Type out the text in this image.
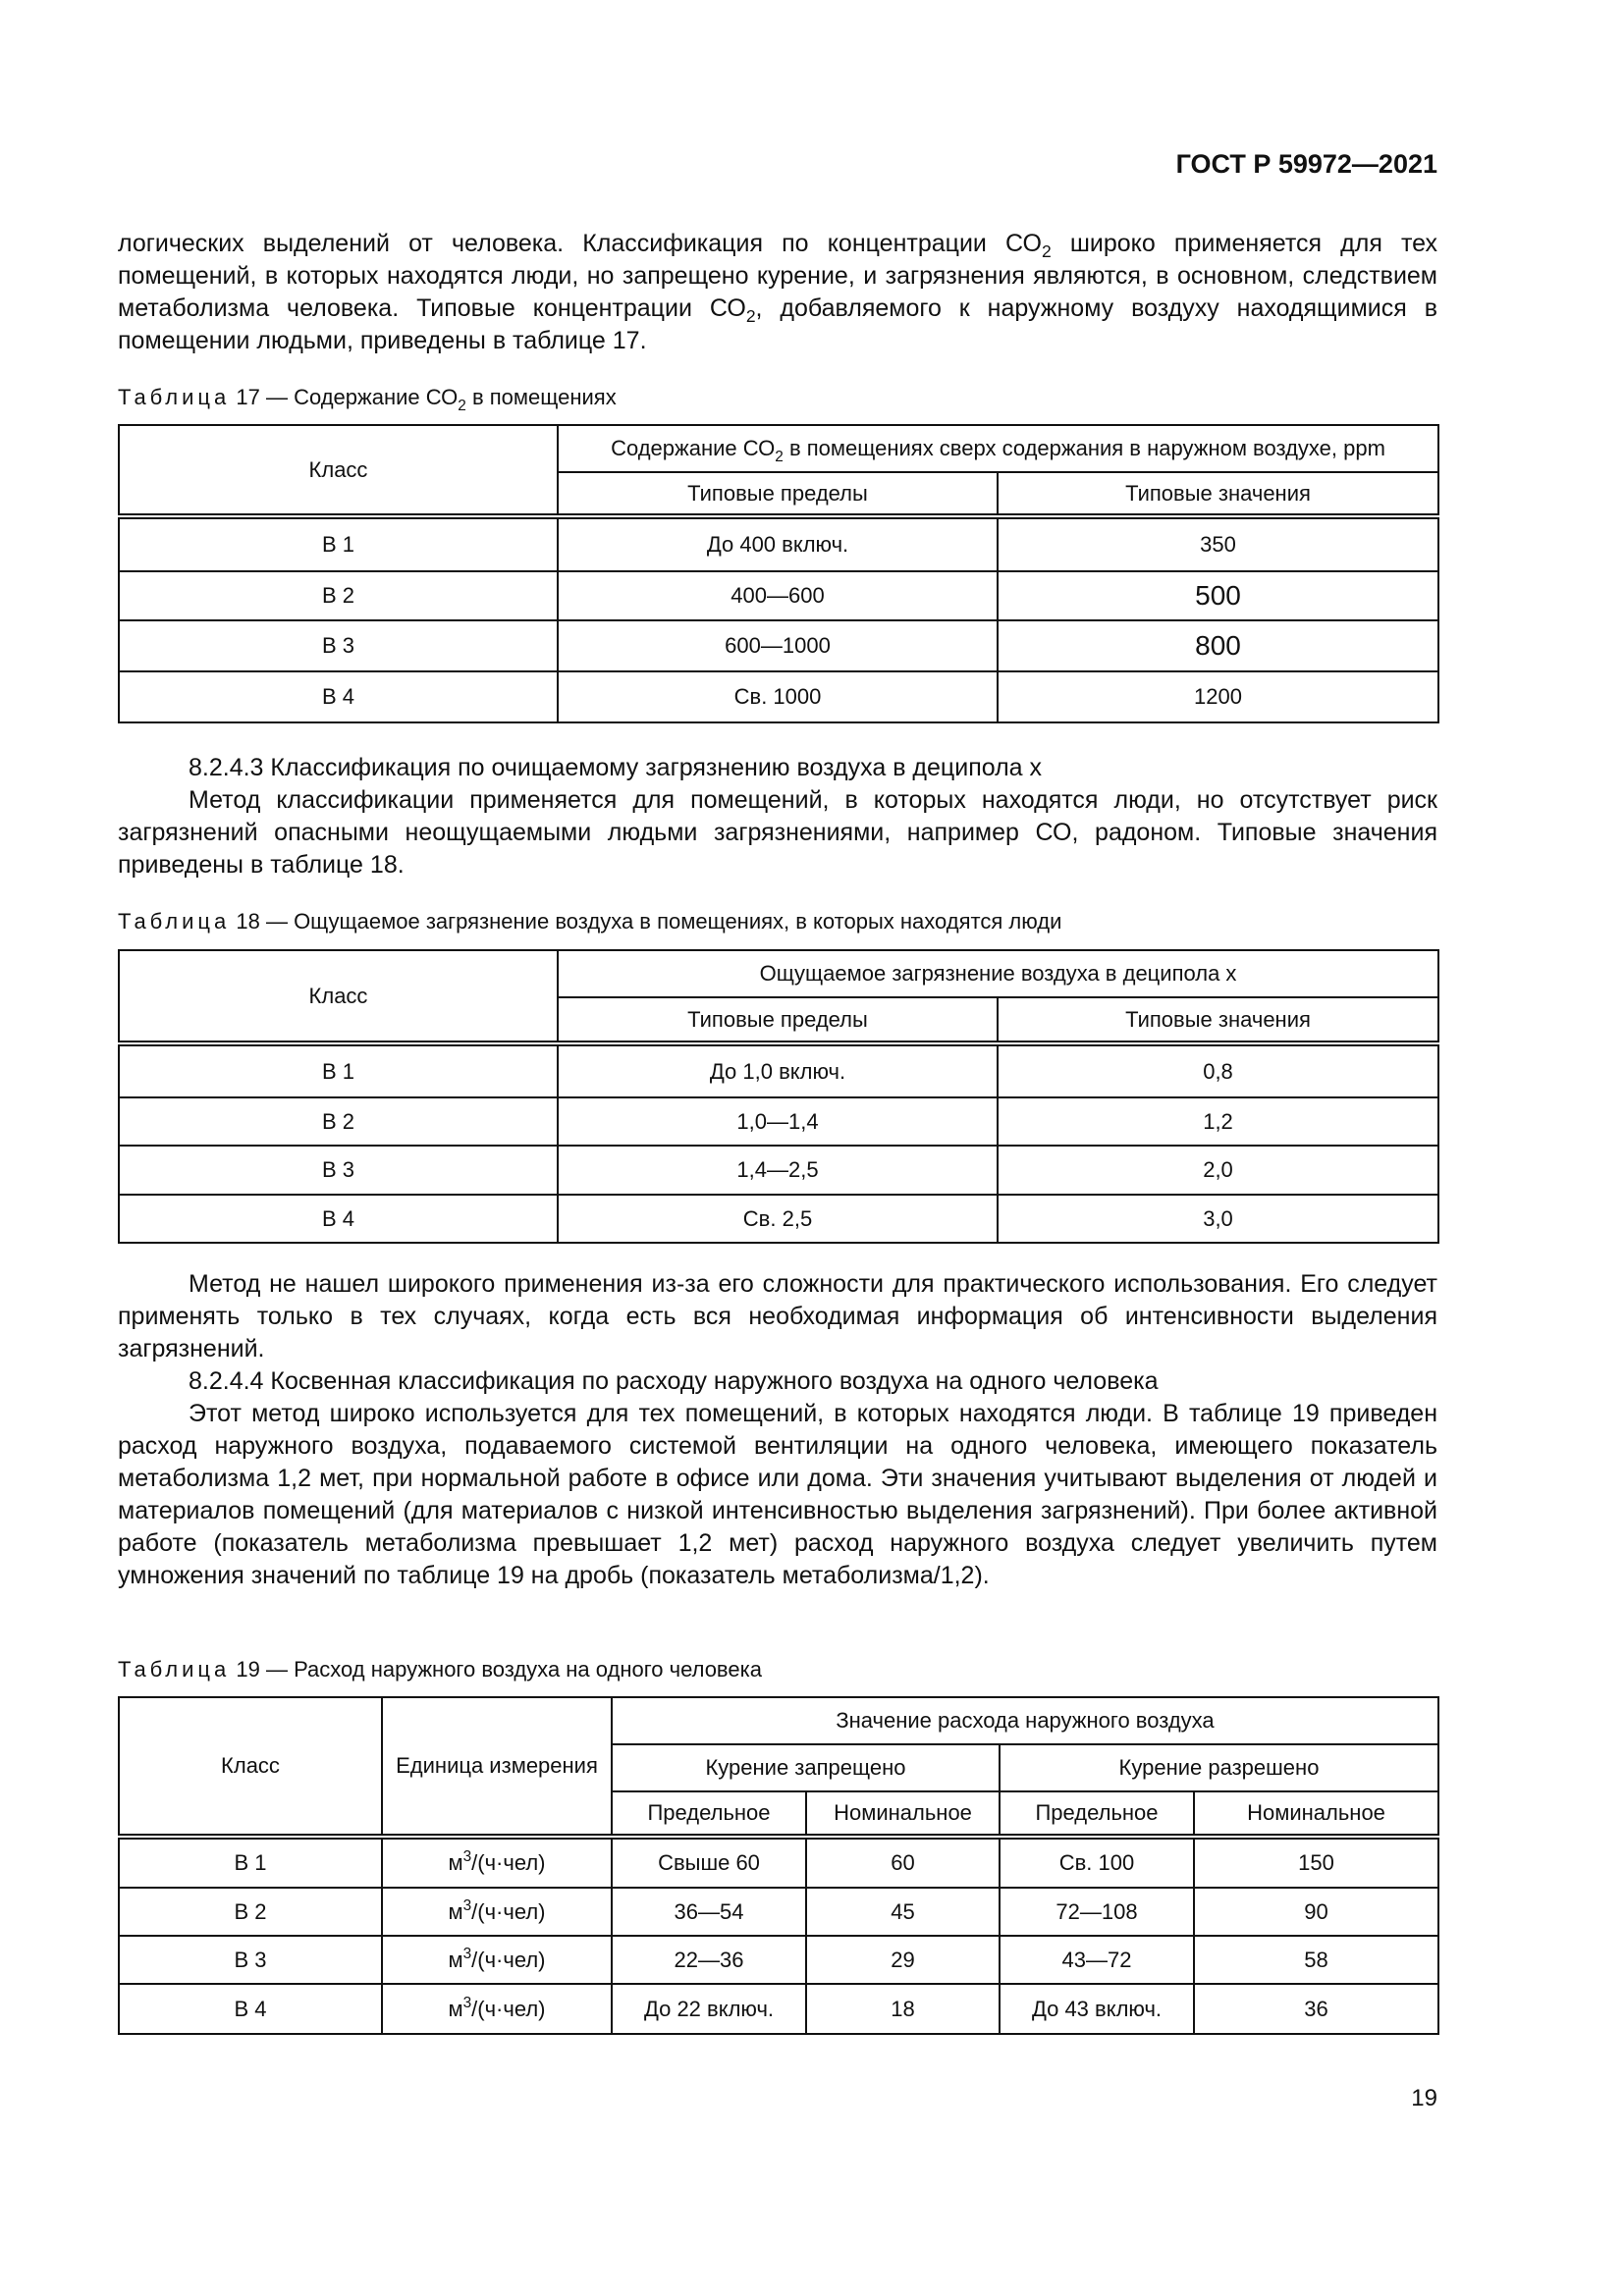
ГОСТ Р 59972—2021

логических выделений от человека. Классификация по концентрации $СО_2$ широко применяется для тех помещений, в которых находятся люди, но запрещено курение, и загрязнения являются, в основном, следствием метаболизма человека. Типовые концентрации $СО_2$, добавляемого к наружному воздуху находящимися в помещении людьми, приведены в таблице 17.

Таблица 17 — Содержание $СО_2$ в помещениях
Класс	Содержание $СО_2$ в помещениях сверх содержания в наружном воздухе, ppm	
	Типовые пределы	Типовые значения
В 1	До 400 включ.	350
В 2	400—600	500
В 3	600—1000	800
В 4	Св. 1000	1200

8.2.4.3 Классификация по очищаемому загрязнению воздуха в деципола х

Метод классификации применяется для помещений, в которых находятся люди, но отсутствует риск загрязнений опасными неощущаемыми людьми загрязнениями, например СО, радоном. Типовые значения приведены в таблице 18.

Таблица 18 — Ощущаемое загрязнение воздуха в помещениях, в которых находятся люди
Класс	Ощущаемое загрязнение воздуха в деципола х	
	Типовые пределы	Типовые значения
В 1	До 1,0 включ.	0,8
В 2	1,0—1,4	1,2
В 3	1,4—2,5	2,0
В 4	Св. 2,5	3,0

Метод не нашел широкого применения из-за его сложности для практического использования. Его следует применять только в тех случаях, когда есть вся необходимая информация об интенсивности выделения загрязнений.

8.2.4.4 Косвенная классификация по расходу наружного воздуха на одного человека

Этот метод широко используется для тех помещений, в которых находятся люди. В таблице 19 приведен расход наружного воздуха, подаваемого системой вентиляции на одного человека, имеющего показатель метаболизма 1,2 мет, при нормальной работе в офисе или дома. Эти значения учитывают выделения от людей и материалов помещений (для материалов с низкой интенсивностью выделения загрязнений). При более активной работе (показатель метаболизма превышает 1,2 мет) расход наружного воздуха следует увеличить путем умножения значений по таблице 19 на дробь (показатель метаболизма/1,2).

Таблица 19 — Расход наружного воздуха на одного человека
Класс	Единица измерения	Значение расхода наружного воздуха			
		Курение запрещено		Курение разрешено	
		Предельное	Номинальное	Предельное	Номинальное
В 1	$м^3/(ч\cdot чел)$	Свыше 60	60	Св. 100	150
В 2	$м^3/(ч\cdot чел)$	36—54	45	72—108	90
В 3	$м^3/(ч\cdot чел)$	22—36	29	43—72	58
В 4	$м^3/(ч\cdot чел)$	До 22 включ.	18	До 43 включ.	36
19
